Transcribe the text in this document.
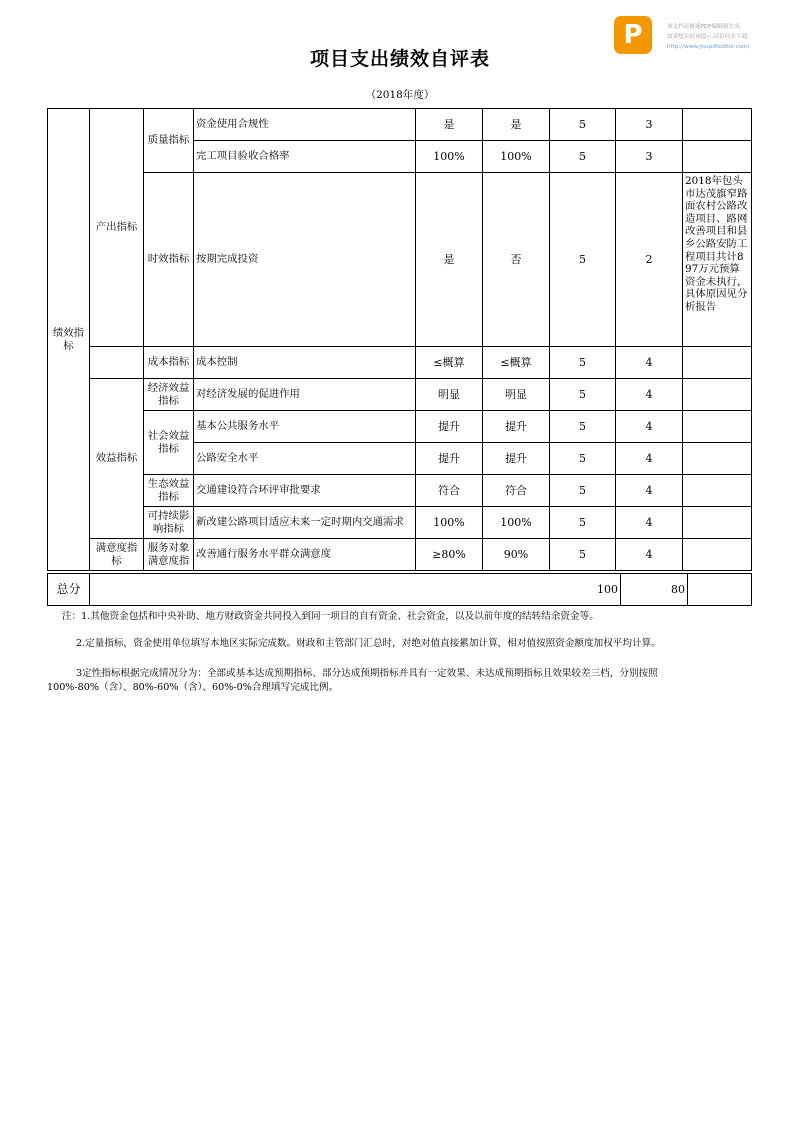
P	该文档是极速PDF编辑器生成,
如果想去掉该提示,请访问并下载:
http://www.jisupdfeditor.com/
项目支出绩效自评表
（2018年度）
绩效指标	产出指标	质量指标	资金使用合规性	是	是	5	3	
			完工项目验收合格率	100%	100%	5	3	
		时效指标	按期完成投资	是	否	5	2	2018年包头市达茂旗窄路面农村公路改造项目、路网改善项目和县乡公路安防工程项目共计897万元预算资金未执行，具体原因见分析报告

		成本指标	成本控制	≤概算	≤概算	5	4	
	效益指标	经济效益指标	对经济发展的促进作用	明显	明显	5	4	
		社会效益指标	基本公共服务水平	提升	提升	5	4	
			公路安全水平	提升	提升	5	4	
		生态效益指标	交通建设符合环评审批要求	符合	符合	5	4	
		可持续影响指标	新改建公路项目适应未来一定时期内交通需求	100%	100%	5	4	
	满意度指标	服务对象满意度指	改善通行服务水平群众满意度	≥80%	90%	5	4	
总分	100	80	
注：1.其他资金包括和中央补助、地方财政资金共同投入到同一项目的自有资金、社会资金，以及以前年度的结转结余资金等。
2.定量指标，资金使用单位填写本地区实际完成数。财政和主管部门汇总时，对绝对值直接累加计算，相对值按照资金额度加权平均计算。
3定性指标根据完成情况分为：全部或基本达成预期指标、部分达成预期指标并具有一定效果、未达成预期指标且效果较差三档，分别按照
100%-80%（含）、80%-60%（含）、60%-0%合理填写完成比例。
